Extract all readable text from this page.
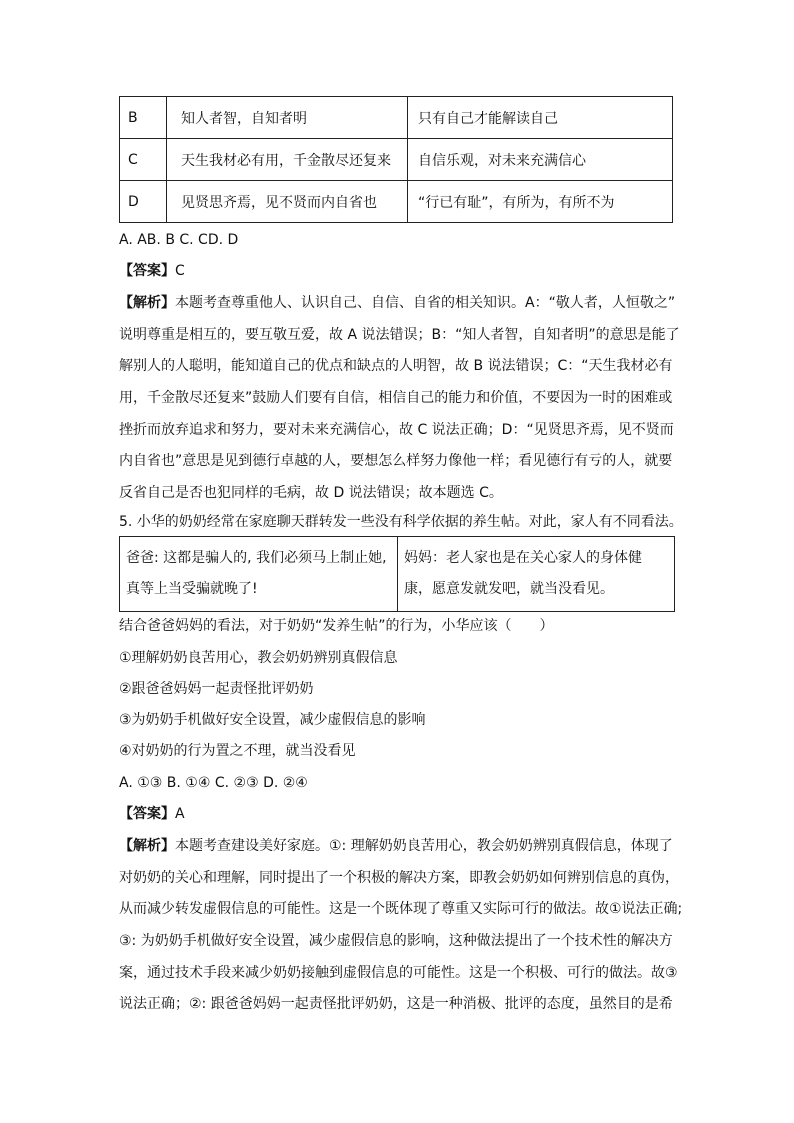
B	知人者智，自知者明	只有自己才能解读自己
C	天生我材必有用，千金散尽还复来	自信乐观，对未来充满信心
D	见贤思齐焉，见不贤而内自省也	“行已有耻”，有所为，有所不为
A. AB. B C. CD. D
【答案】C
【解析】本题考查尊重他人、认识自己、自信、自省的相关知识。A：“敬人者，人恒敬之”
说明尊重是相互的，要互敬互爱，故 A 说法错误；B：“知人者智，自知者明”的意思是能了
解别人的人聪明，能知道自己的优点和缺点的人明智，故 B 说法错误；C：“天生我材必有
用，千金散尽还复来”鼓励人们要有自信，相信自己的能力和价值，不要因为一时的困难或
挫折而放弃追求和努力，要对未来充满信心，故 C 说法正确；D：“见贤思齐焉，见不贤而
内自省也”意思是见到德行卓越的人，要想怎么样努力像他一样；看见德行有亏的人，就要
反省自己是否也犯同样的毛病，故 D 说法错误；故本题选 C。
5. 小华的奶奶经常在家庭聊天群转发一些没有科学依据的养生帖。对此，家人有不同看法。
爸爸: 这都是骗人的, 我们必须马上制止她, 真等上当受骗就晚了!	妈妈：老人家也是在关心家人的身体健康，愿意发就发吧，就当没看见。
结合爸爸妈妈的看法，对于奶奶“发养生帖”的行为，小华应该（　　）
①理解奶奶良苦用心，教会奶奶辨别真假信息
②跟爸爸妈妈一起责怪批评奶奶
③为奶奶手机做好安全设置，减少虚假信息的影响
④对奶奶的行为置之不理，就当没看见
A. ①③ B. ①④ C. ②③ D. ②④
【答案】A
【解析】本题考查建设美好家庭。①: 理解奶奶良苦用心，教会奶奶辨别真假信息，体现了
对奶奶的关心和理解，同时提出了一个积极的解决方案，即教会奶奶如何辨别信息的真伪，
从而减少转发虚假信息的可能性。这是一个既体现了尊重又实际可行的做法。故①说法正确;
③: 为奶奶手机做好安全设置，减少虚假信息的影响，这种做法提出了一个技术性的解决方
案，通过技术手段来减少奶奶接触到虚假信息的可能性。这是一个积极、可行的做法。故③
说法正确；②: 跟爸爸妈妈一起责怪批评奶奶，这是一种消极、批评的态度，虽然目的是希
